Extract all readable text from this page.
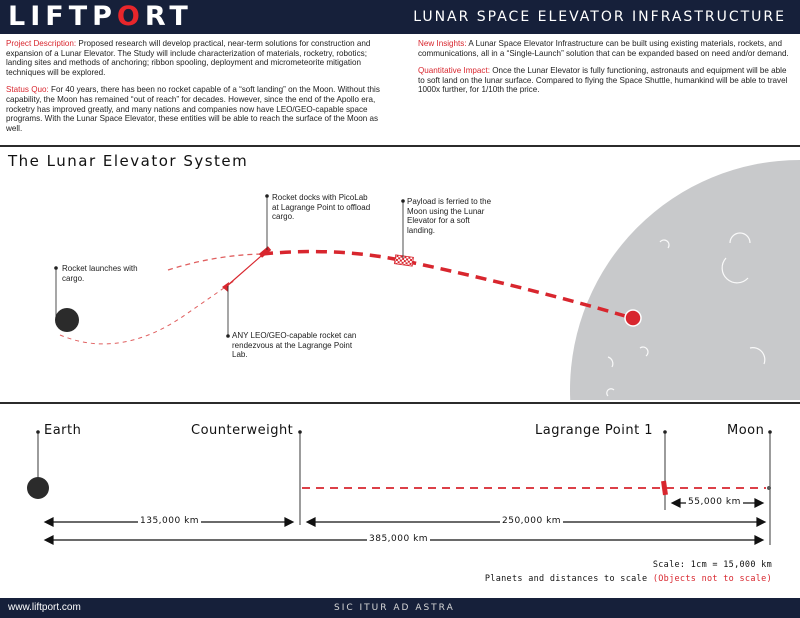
LIFTPORT	LUNAR SPACE ELEVATOR INFRASTRUCTURE

Project Description: Proposed research will develop practical, near-term solutions for construction and expansion of a Lunar Elevator. The Study will include characterization of materials, rocketry, robotics; landing sites and methods of anchoring; ribbon spooling, deployment and micrometeorite mitigation techniques will be explored.

Status Quo: For 40 years, there has been no rocket capable of a “soft landing” on the Moon. Without this capability, the Moon has remained “out of reach” for decades. However, since the end of the Apollo era, rocketry has improved greatly, and many nations and companies now have LEO/GEO-capable space programs. With the Lunar Space Elevator, these entities will be able to reach the surface of the Moon as well.

New Insights: A Lunar Space Elevator Infrastructure can be built using existing materials, rockets, and communications, all in a “Single-Launch” solution that can be expanded based on need and/or demand.

Quantitative Impact: Once the Lunar Elevator is fully functioning, astronauts and equipment will be able to soft land on the lunar surface. Compared to flying the Space Shuttle, humankind will be able to travel 1000x further, for 1/10th the price.

The Lunar Elevator System
Rocket launches with cargo.
Rocket docks with PicoLab at Lagrange Point to offload cargo.
Payload is ferried to the Moon using the Lunar Elevator for a soft landing.
ANY LEO/GEO-capable rocket can rendezvous at the Lagrange Point Lab.
Earth	Counterweight	Lagrange Point 1	Moon
135,000 km	250,000 km
55,000 km
385,000 km
Scale: 1cm = 15,000 km
Planets and distances to scale (Objects not to scale)
www.liftport.com	SIC ITUR AD ASTRA
